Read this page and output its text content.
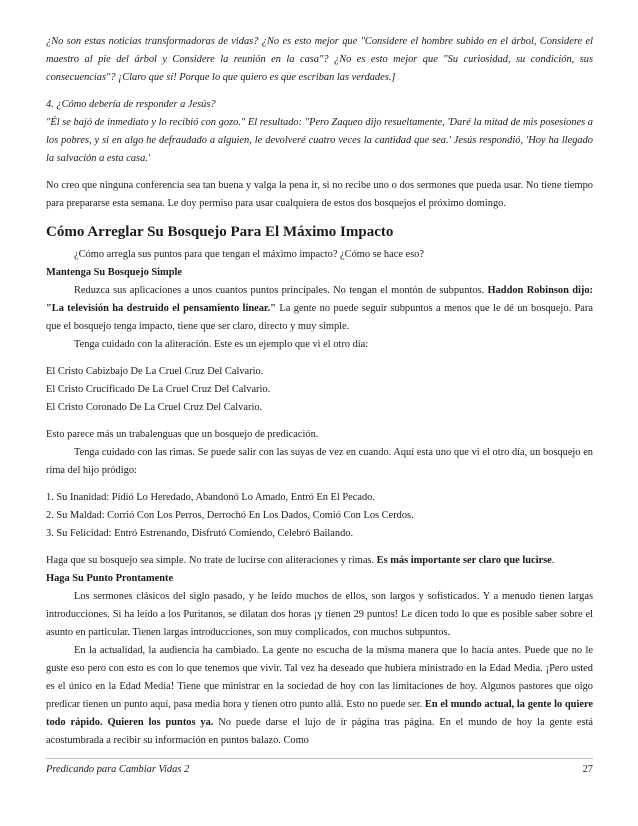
¿No son estas noticias transformadoras de vidas? ¿No es esto mejor que "Considere el hombre subido en el árbol, Considere el maestro al pie del árbol y Considere la reunión en la casa"? ¿No es esto mejor que "Su curiosidad, su condición, sus consecuencias"? ¡Claro que sí! Porque lo que quiero es que escriban las verdades.]

4. ¿Cómo debería de responder a Jesús?

"Él se bajó de inmediato y lo recibió con gozo." El resultado: "Pero Zaqueo dijo resueltamente, 'Daré la mitad de mis posesiones a los pobres, y si en algo he defraudado a alguien, le devolveré cuatro veces la cantidad que sea.' Jesús respondió, 'Hoy ha llegado la salvación a esta casa.'

No creo que ninguna conferencia sea tan buena y valga la pena ir, si no recibe uno o dos sermones que pueda usar. No tiene tiempo para prepararse esta semana. Le doy permiso para usar cualquiera de estos dos bosquejos el próximo domingo.

Cómo Arreglar Su Bosquejo Para El Máximo Impacto

¿Cómo arregla sus puntos para que tengan el máximo impacto? ¿Cómo se hace eso?

Mantenga Su Bosquejo Simple

Reduzca sus aplicaciones a unos cuantos puntos principales. No tengan el montón de subpuntos. Haddon Robinson dijo: "La televisión ha destruido el pensamiento linear." La gente no puede seguir subpuntos a menos que le dé un bosquejo. Para que el bosquejo tenga impacto, tiene que ser claro, directo y muy simple.

Tenga cuidado con la aliteración. Este es un ejemplo que vi el otro día:

El Cristo Cabizbajo De La Cruel Cruz Del Calvario.

El Cristo Crucificado De La Cruel Cruz Del Calvario.

El Cristo Coronado De La Cruel Cruz Del Calvario.

Esto parece más un trabalenguas que un bosquejo de predicación.

Tenga cuidado con las rimas. Se puede salir con las suyas de vez en cuando. Aquí esta uno que vi el otro día, un bosquejo en rima del hijo pródigo:

1. Su Inanidad: Pidió Lo Heredado, Abandonó Lo Amado, Entró En El Pecado.

2. Su Maldad: Corrió Con Los Perros, Derrochó En Los Dados, Comió Con Los Cerdos.

3. Su Felicidad: Entró Estrenando, Disfrutó Comiendo, Celebró Bailando.

Haga que su bosquejo sea simple. No trate de lucirse con aliteraciones y rimas. Es más importante ser claro que lucirse.

Haga Su Punto Prontamente

Los sermones clásicos del siglo pasado, y he leído muchos de ellos, son largos y sofisticados. Y a menudo tienen largas introducciones. Si ha leído a los Puritanos, se dilatan dos horas ¡y tienen 29 puntos! Le dicen todo lo que es posible saber sobre el asunto en particular. Tienen largas introducciones, son muy complicados, con muchos subpuntos.

En la actualidad, la audiencia ha cambiado. La gente no escucha de la misma manera que lo hacía antes. Puede que no le guste eso pero con esto es con lo que tenemos que vivir. Tal vez ha deseado que hubiera ministrado en la Edad Media. ¡Pero usted es el único en la Edad Media! Tiene que ministrar en la sociedad de hoy con las limitaciones de hoy. Algunos pastores que oigo predicar tienen un punto aquí, pasa media hora y tienen otro punto allá. Esto no puede ser. En el mundo actual, la gente lo quiere todo rápido. Quieren los puntos ya. No puede darse el lujo de ir página tras página. En el mundo de hoy la gente está acostumbrada a recibir su información en puntos balazo. Como

Predicando para Cambiar Vidas 2	27
